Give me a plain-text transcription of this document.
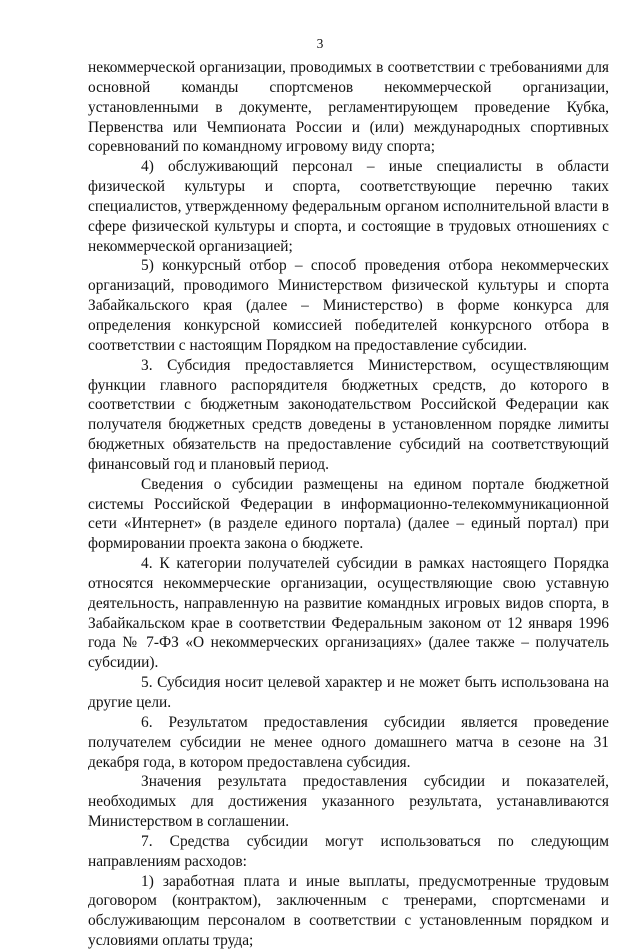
3

некоммерческой организации, проводимых в соответствии с требованиями для основной команды спортсменов некоммерческой организации, установленными в документе, регламентирующем проведение Кубка, Первенства или Чемпионата России и (или) международных спортивных соревнований по командному игровому виду спорта;

4) обслуживающий персонал – иные специалисты в области физической культуры и спорта, соответствующие перечню таких специалистов, утвержденному федеральным органом исполнительной власти в сфере физической культуры и спорта, и состоящие в трудовых отношениях с некоммерческой организацией;

5) конкурсный отбор – способ проведения отбора некоммерческих организаций, проводимого Министерством физической культуры и спорта Забайкальского края (далее – Министерство) в форме конкурса для определения конкурсной комиссией победителей конкурсного отбора в соответствии с настоящим Порядком на предоставление субсидии.

3. Субсидия предоставляется Министерством, осуществляющим функции главного распорядителя бюджетных средств, до которого в соответствии с бюджетным законодательством Российской Федерации как получателя бюджетных средств доведены в установленном порядке лимиты бюджетных обязательств на предоставление субсидий на соответствующий финансовый год и плановый период.

Сведения о субсидии размещены на едином портале бюджетной системы Российской Федерации в информационно-телекоммуникационной сети «Интернет» (в разделе единого портала) (далее – единый портал) при формировании проекта закона о бюджете.

4. К категории получателей субсидии в рамках настоящего Порядка относятся некоммерческие организации, осуществляющие свою уставную деятельность, направленную на развитие командных игровых видов спорта, в Забайкальском крае в соответствии Федеральным законом от 12 января 1996 года № 7-ФЗ «О некоммерческих организациях» (далее также – получатель субсидии).

5. Субсидия носит целевой характер и не может быть использована на другие цели.

6. Результатом предоставления субсидии является проведение получателем субсидии не менее одного домашнего матча в сезоне на 31 декабря года, в котором предоставлена субсидия.

Значения результата предоставления субсидии и показателей, необходимых для достижения указанного результата, устанавливаются Министерством в соглашении.

7. Средства субсидии могут использоваться по следующим направлениям расходов:

1) заработная плата и иные выплаты, предусмотренные трудовым договором (контрактом), заключенным с тренерами, спортсменами и обслуживающим персоналом в соответствии с установленным порядком и условиями оплаты труда;
